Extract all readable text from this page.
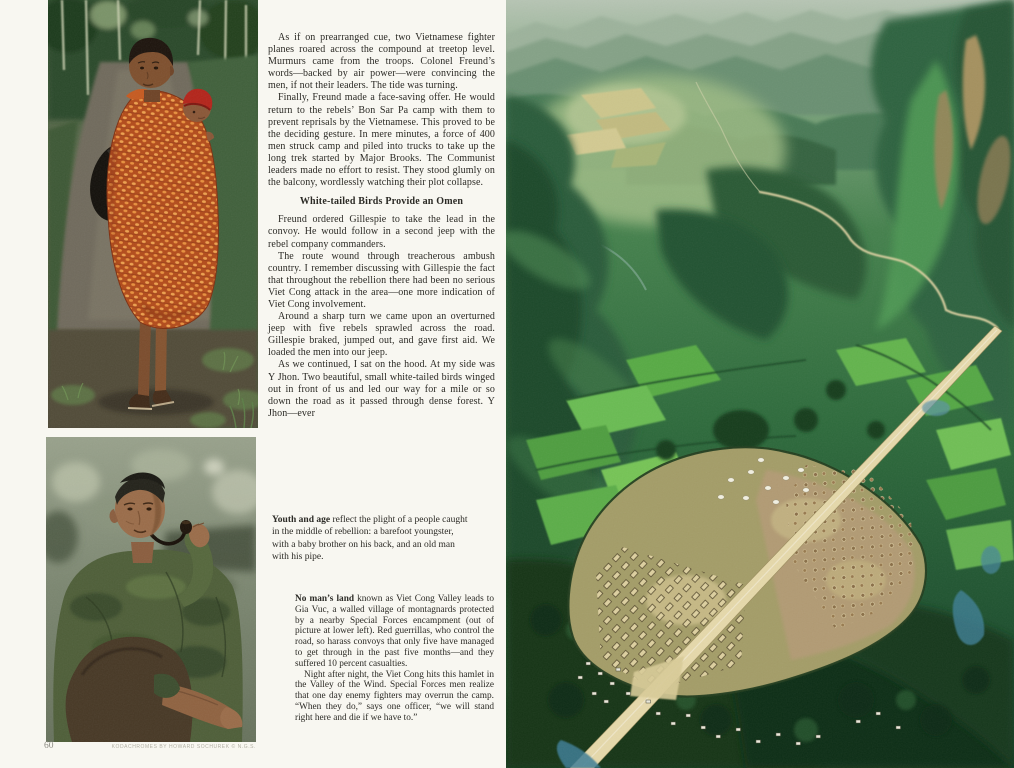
As if on prearranged cue, two Vietnamese fighter planes roared across the compound at treetop level. Murmurs came from the troops. Colonel Freund’s words—backed by air power—were convincing the men, if not their leaders. The tide was turning.

Finally, Freund made a face-saving offer. He would return to the rebels’ Bon Sar Pa camp with them to prevent reprisals by the Vietnamese. This proved to be the deciding gesture. In mere minutes, a force of 400 men struck camp and piled into trucks to take up the long trek started by Major Brooks. The Communist leaders made no effort to resist. They stood glumly on the balcony, wordlessly watching their plot collapse.

White-tailed Birds Provide an Omen

Freund ordered Gillespie to take the lead in the convoy. He would follow in a second jeep with the rebel company commanders.

The route wound through treacherous ambush country. I remember discussing with Gillespie the fact that throughout the rebellion there had been no serious Viet Cong attack in the area—one more indication of Viet Cong involvement.

Around a sharp turn we came upon an overturned jeep with five rebels sprawled across the road. Gillespie braked, jumped out, and gave first aid. We loaded the men into our jeep.

As we continued, I sat on the hood. At my side was Y Jhon. Two beautiful, small white-tailed birds winged out in front of us and led our way for a mile or so down the road as it passed through dense forest. Y Jhon—ever

Youth and age reflect the plight of a people caught in the middle of rebellion: a barefoot youngster, with a baby brother on his back, and an old man with his pipe.

No man’s land known as Viet Cong Valley leads to Gia Vuc, a walled village of montagnards protected by a nearby Special Forces encampment (out of picture at lower left). Red guerrillas, who control the road, so harass convoys that only five have managed to get through in the past five months—and they suffered 10 percent casualties.

Night after night, the Viet Cong hits this hamlet in the Valley of the Wind. Special Forces men realize that one day enemy fighters may overrun the camp. “When they do,” says one officer, “we will stand right here and die if we have to.”

60	KODACHROMES BY HOWARD SOCHUREK © N.G.S.
